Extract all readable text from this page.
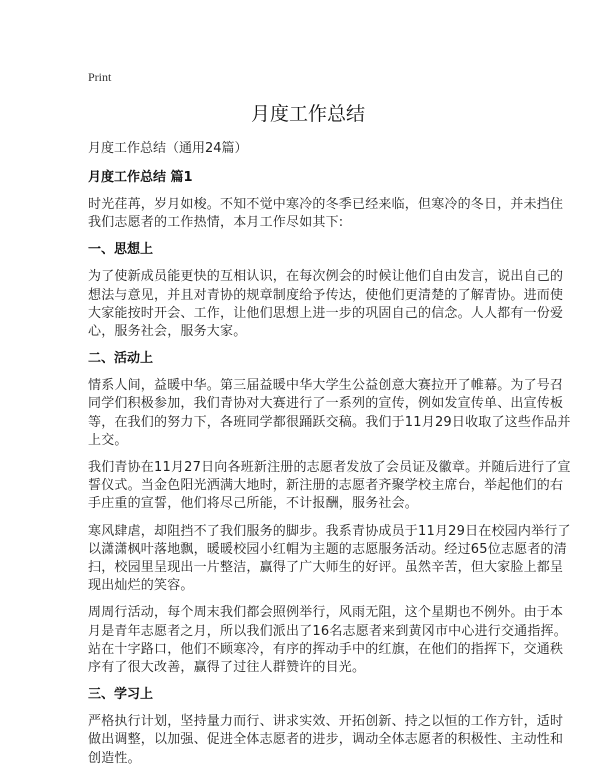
Print
月度工作总结
月度工作总结（通用24篇）
月度工作总结 篇1
时光荏苒，岁月如梭。不知不觉中寒冷的冬季已经来临，但寒冷的冬日，并未挡住
我们志愿者的工作热情，本月工作尽如其下:
一、思想上
为了使新成员能更快的互相认识，在每次例会的时候让他们自由发言，说出自己的
想法与意见，并且对青协的规章制度给予传达，使他们更清楚的了解青协。进而使
大家能按时开会、工作，让他们思想上进一步的巩固自己的信念。人人都有一份爱
心，服务社会，服务大家。
二、活动上
情系人间，益暖中华。第三届益暖中华大学生公益创意大赛拉开了帷幕。为了号召
同学们积极参加，我们青协对大赛进行了一系列的宣传，例如发宣传单、出宣传板
等，在我们的努力下，各班同学都很踊跃交稿。我们于11月29日收取了这些作品并
上交。
我们青协在11月27日向各班新注册的志愿者发放了会员证及徽章。并随后进行了宣
誓仪式。当金色阳光洒满大地时，新注册的志愿者齐聚学校主席台，举起他们的右
手庄重的宣誓，他们将尽己所能，不计报酬，服务社会。
寒风肆虐，却阻挡不了我们服务的脚步。我系青协成员于11月29日在校园内举行了
以潇潇枫叶落地飘，暖暖校园小红帽为主题的志愿服务活动。经过65位志愿者的清
扫，校园里呈现出一片整洁，赢得了广大师生的好评。虽然辛苦，但大家脸上都呈
现出灿烂的笑容。
周周行活动，每个周末我们都会照例举行，风雨无阻，这个星期也不例外。由于本
月是青年志愿者之月，所以我们派出了16名志愿者来到黄冈市中心进行交通指挥。
站在十字路口，他们不顾寒冷，有序的挥动手中的红旗，在他们的指挥下，交通秩
序有了很大改善，赢得了过往人群赞许的目光。
三、学习上
严格执行计划，坚持量力而行、讲求实效、开拓创新、持之以恒的工作方针，适时
做出调整，以加强、促进全体志愿者的进步，调动全体志愿者的积极性、主动性和
创造性。
